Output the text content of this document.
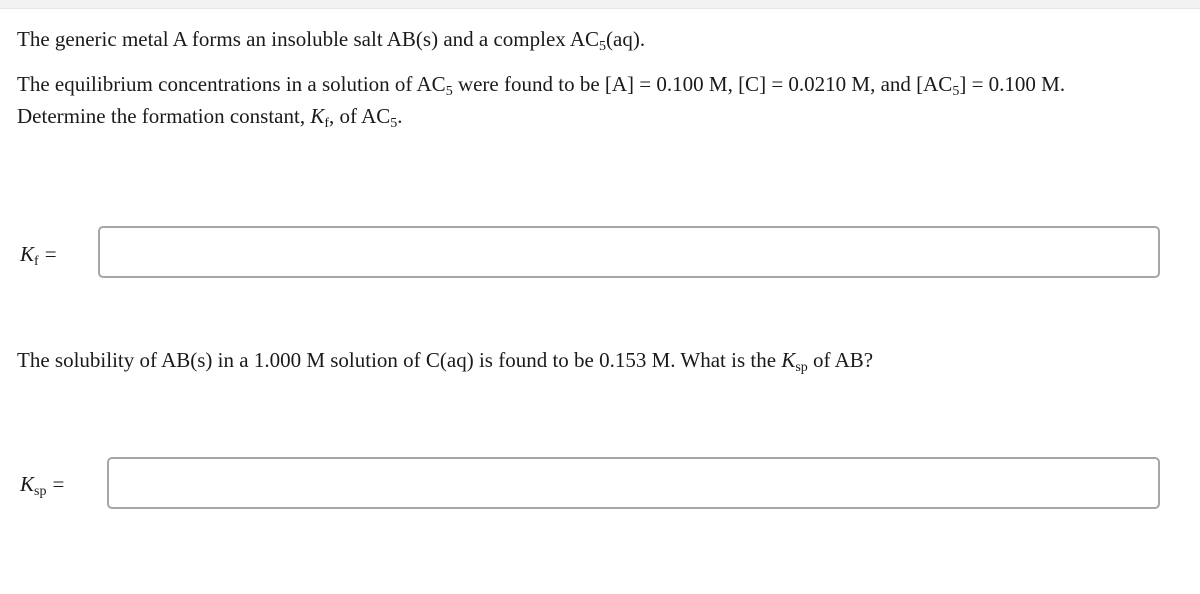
The generic metal A forms an insoluble salt AB(s) and a complex $AC_5(aq)$.

The equilibrium concentrations in a solution of $AC_5$ were found to be [A] = 0.100 M, [C] = 0.0210 M, and $[AC_5] = 0.100$ M.

Determine the formation constant, $K_f$, of $AC_5$.

$K_f$ =

The solubility of AB(s) in a 1.000 M solution of C(aq) is found to be 0.153 M. What is the $K_{sp}$ of AB?

$K_{sp}$ =
